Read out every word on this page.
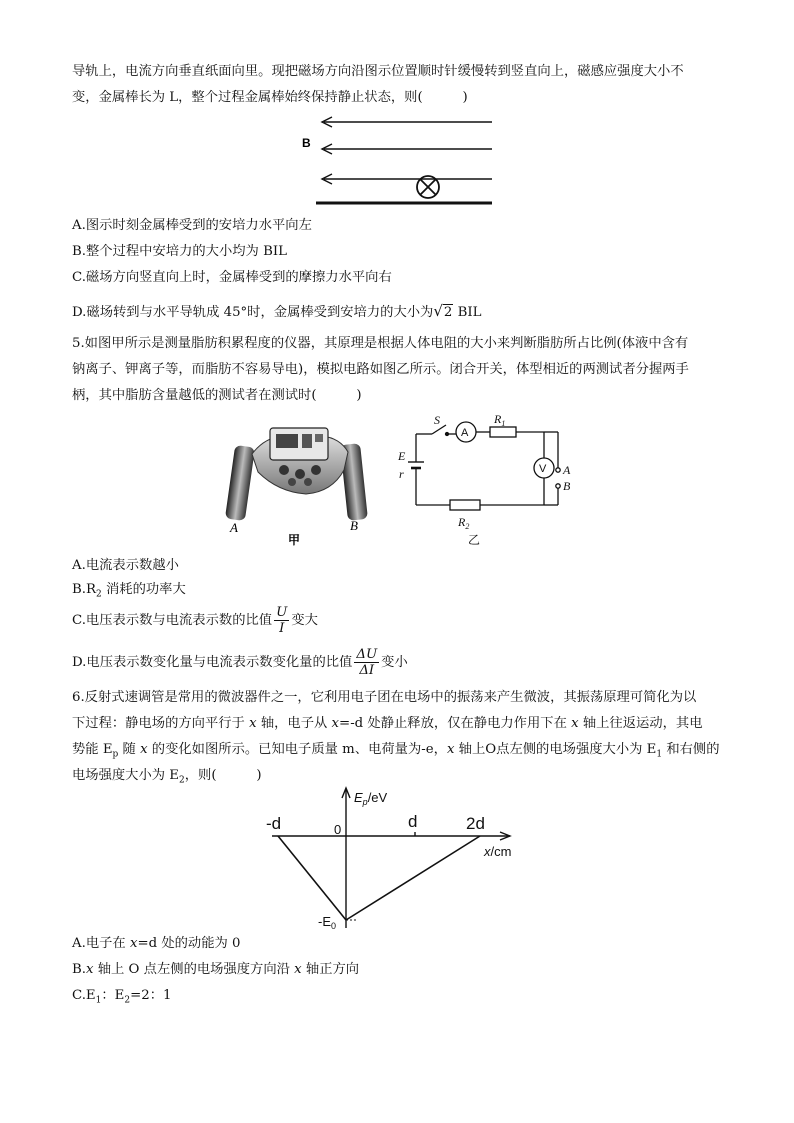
导轨上，电流方向垂直纸面向里。现把磁场方向沿图示位置顺时针缓慢转到竖直向上，磁感应强度大小不
变，金属棒长为 L，整个过程金属棒始终保持静止状态，则(　　　)
B
A.图示时刻金属棒受到的安培力水平向左
B.整个过程中安培力的大小均为 BIL
C.磁场方向竖直向上时，金属棒受到的摩擦力水平向右
D.磁场转到与水平导轨成 45°时，金属棒受到安培力的大小为√2 BIL
5.如图甲所示是测量脂肪积累程度的仪器，其原理是根据人体电阻的大小来判断脂肪所占比例(体液中含有
钠离子、钾离子等，而脂肪不容易导电)，模拟电路如图乙所示。闭合开关，体型相近的两测试者分握两手
柄，其中脂肪含量越低的测试者在测试时(　　　)
A	B
甲
S
A
$R_1$
V
E
r	A
B
$R_2$
乙
A.电流表示数越小
$B.R_2$ 消耗的功率大
C.电压表示数与电流表示数的比值 $\frac{U}{I}$ 变大
D.电压表示数变化量与电流表示数变化量的比值 $\frac{\Delta U}{\Delta I}$ 变小
6.反射式速调管是常用的微波器件之一，它利用电子团在电场中的振荡来产生微波，其振荡原理可简化为以
下过程：静电场的方向平行于 x 轴，电子从 x=-d 处静止释放，仅在静电力作用下在 x 轴上往返运动，其电
势能 $E_p$ 随 x 的变化如图所示。已知电子质量 m、电荷量为-e，x 轴上O点左侧的电场强度大小为 $E_1$ 和右侧的
电场强度大小为 $E_2$，则(　　　)
$E_p/eV$
x/cm
-d	0	d	2d
$-E_0$
A.电子在 x=d 处的动能为 0
B.x 轴上 O 点左侧的电场强度方向沿 x 轴正方向
$C.E_1$：$E_2=2$：1
